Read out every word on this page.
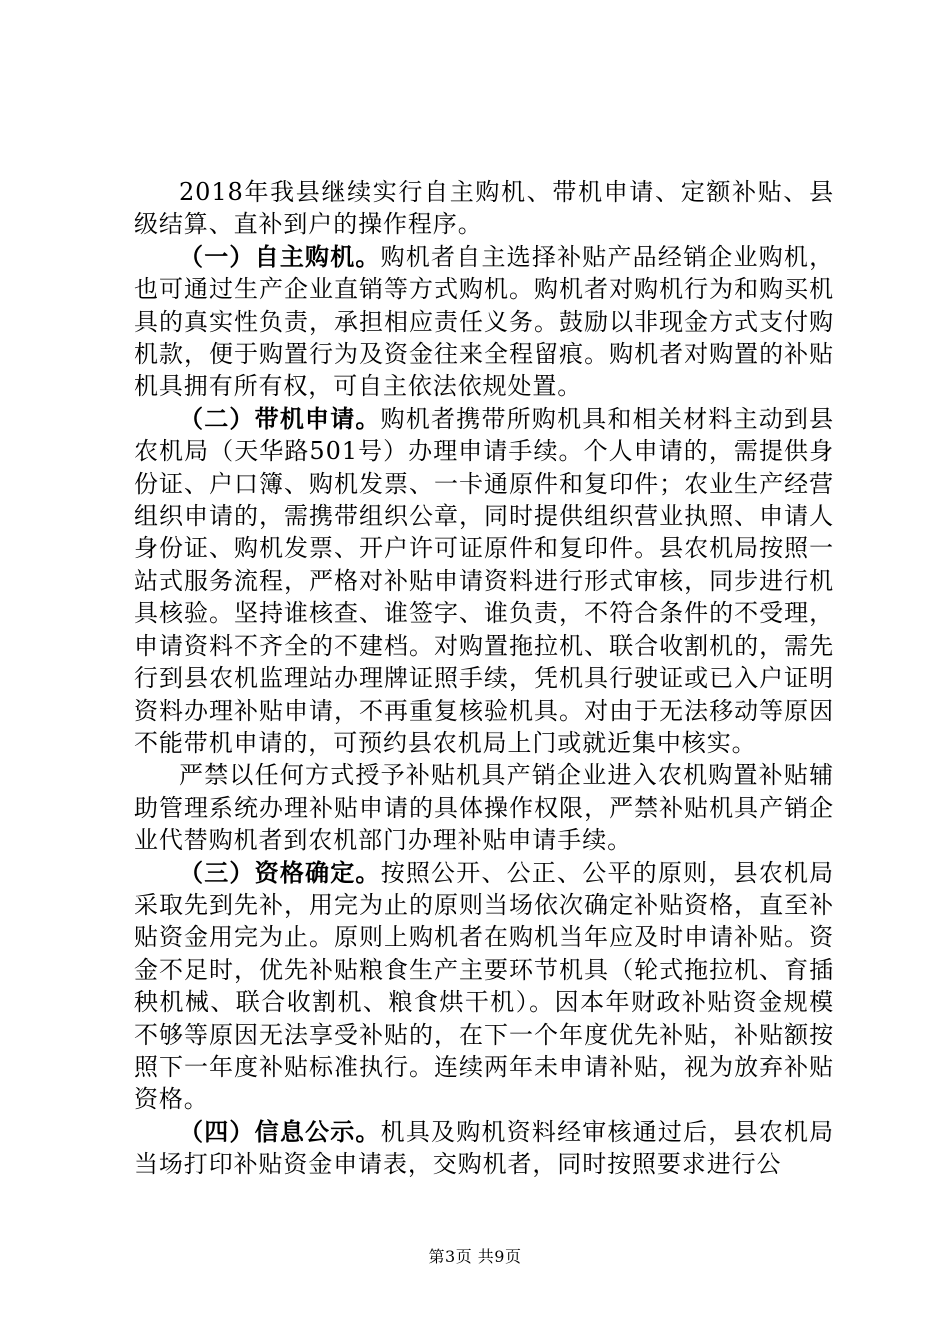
2018年我县继续实行自主购机、带机申请、定额补贴、县级结算、直补到户的操作程序。

（一）自主购机。购机者自主选择补贴产品经销企业购机，也可通过生产企业直销等方式购机。购机者对购机行为和购买机具的真实性负责，承担相应责任义务。鼓励以非现金方式支付购机款，便于购置行为及资金往来全程留痕。购机者对购置的补贴机具拥有所有权，可自主依法依规处置。

（二）带机申请。购机者携带所购机具和相关材料主动到县农机局（天华路501号）办理申请手续。个人申请的，需提供身份证、户口簿、购机发票、一卡通原件和复印件；农业生产经营组织申请的，需携带组织公章，同时提供组织营业执照、申请人身份证、购机发票、开户许可证原件和复印件。县农机局按照一站式服务流程，严格对补贴申请资料进行形式审核，同步进行机具核验。坚持谁核查、谁签字、谁负责，不符合条件的不受理，申请资料不齐全的不建档。对购置拖拉机、联合收割机的，需先行到县农机监理站办理牌证照手续，凭机具行驶证或已入户证明资料办理补贴申请，不再重复核验机具。对由于无法移动等原因不能带机申请的，可预约县农机局上门或就近集中核实。

严禁以任何方式授予补贴机具产销企业进入农机购置补贴辅助管理系统办理补贴申请的具体操作权限，严禁补贴机具产销企业代替购机者到农机部门办理补贴申请手续。

（三）资格确定。按照公开、公正、公平的原则，县农机局采取先到先补，用完为止的原则当场依次确定补贴资格，直至补贴资金用完为止。原则上购机者在购机当年应及时申请补贴。资金不足时，优先补贴粮食生产主要环节机具（轮式拖拉机、育插秧机械、联合收割机、粮食烘干机）。因本年财政补贴资金规模不够等原因无法享受补贴的，在下一个年度优先补贴，补贴额按照下一年度补贴标准执行。连续两年未申请补贴，视为放弃补贴资格。

（四）信息公示。机具及购机资料经审核通过后，县农机局当场打印补贴资金申请表，交购机者，同时按照要求进行公

第3页 共9页
